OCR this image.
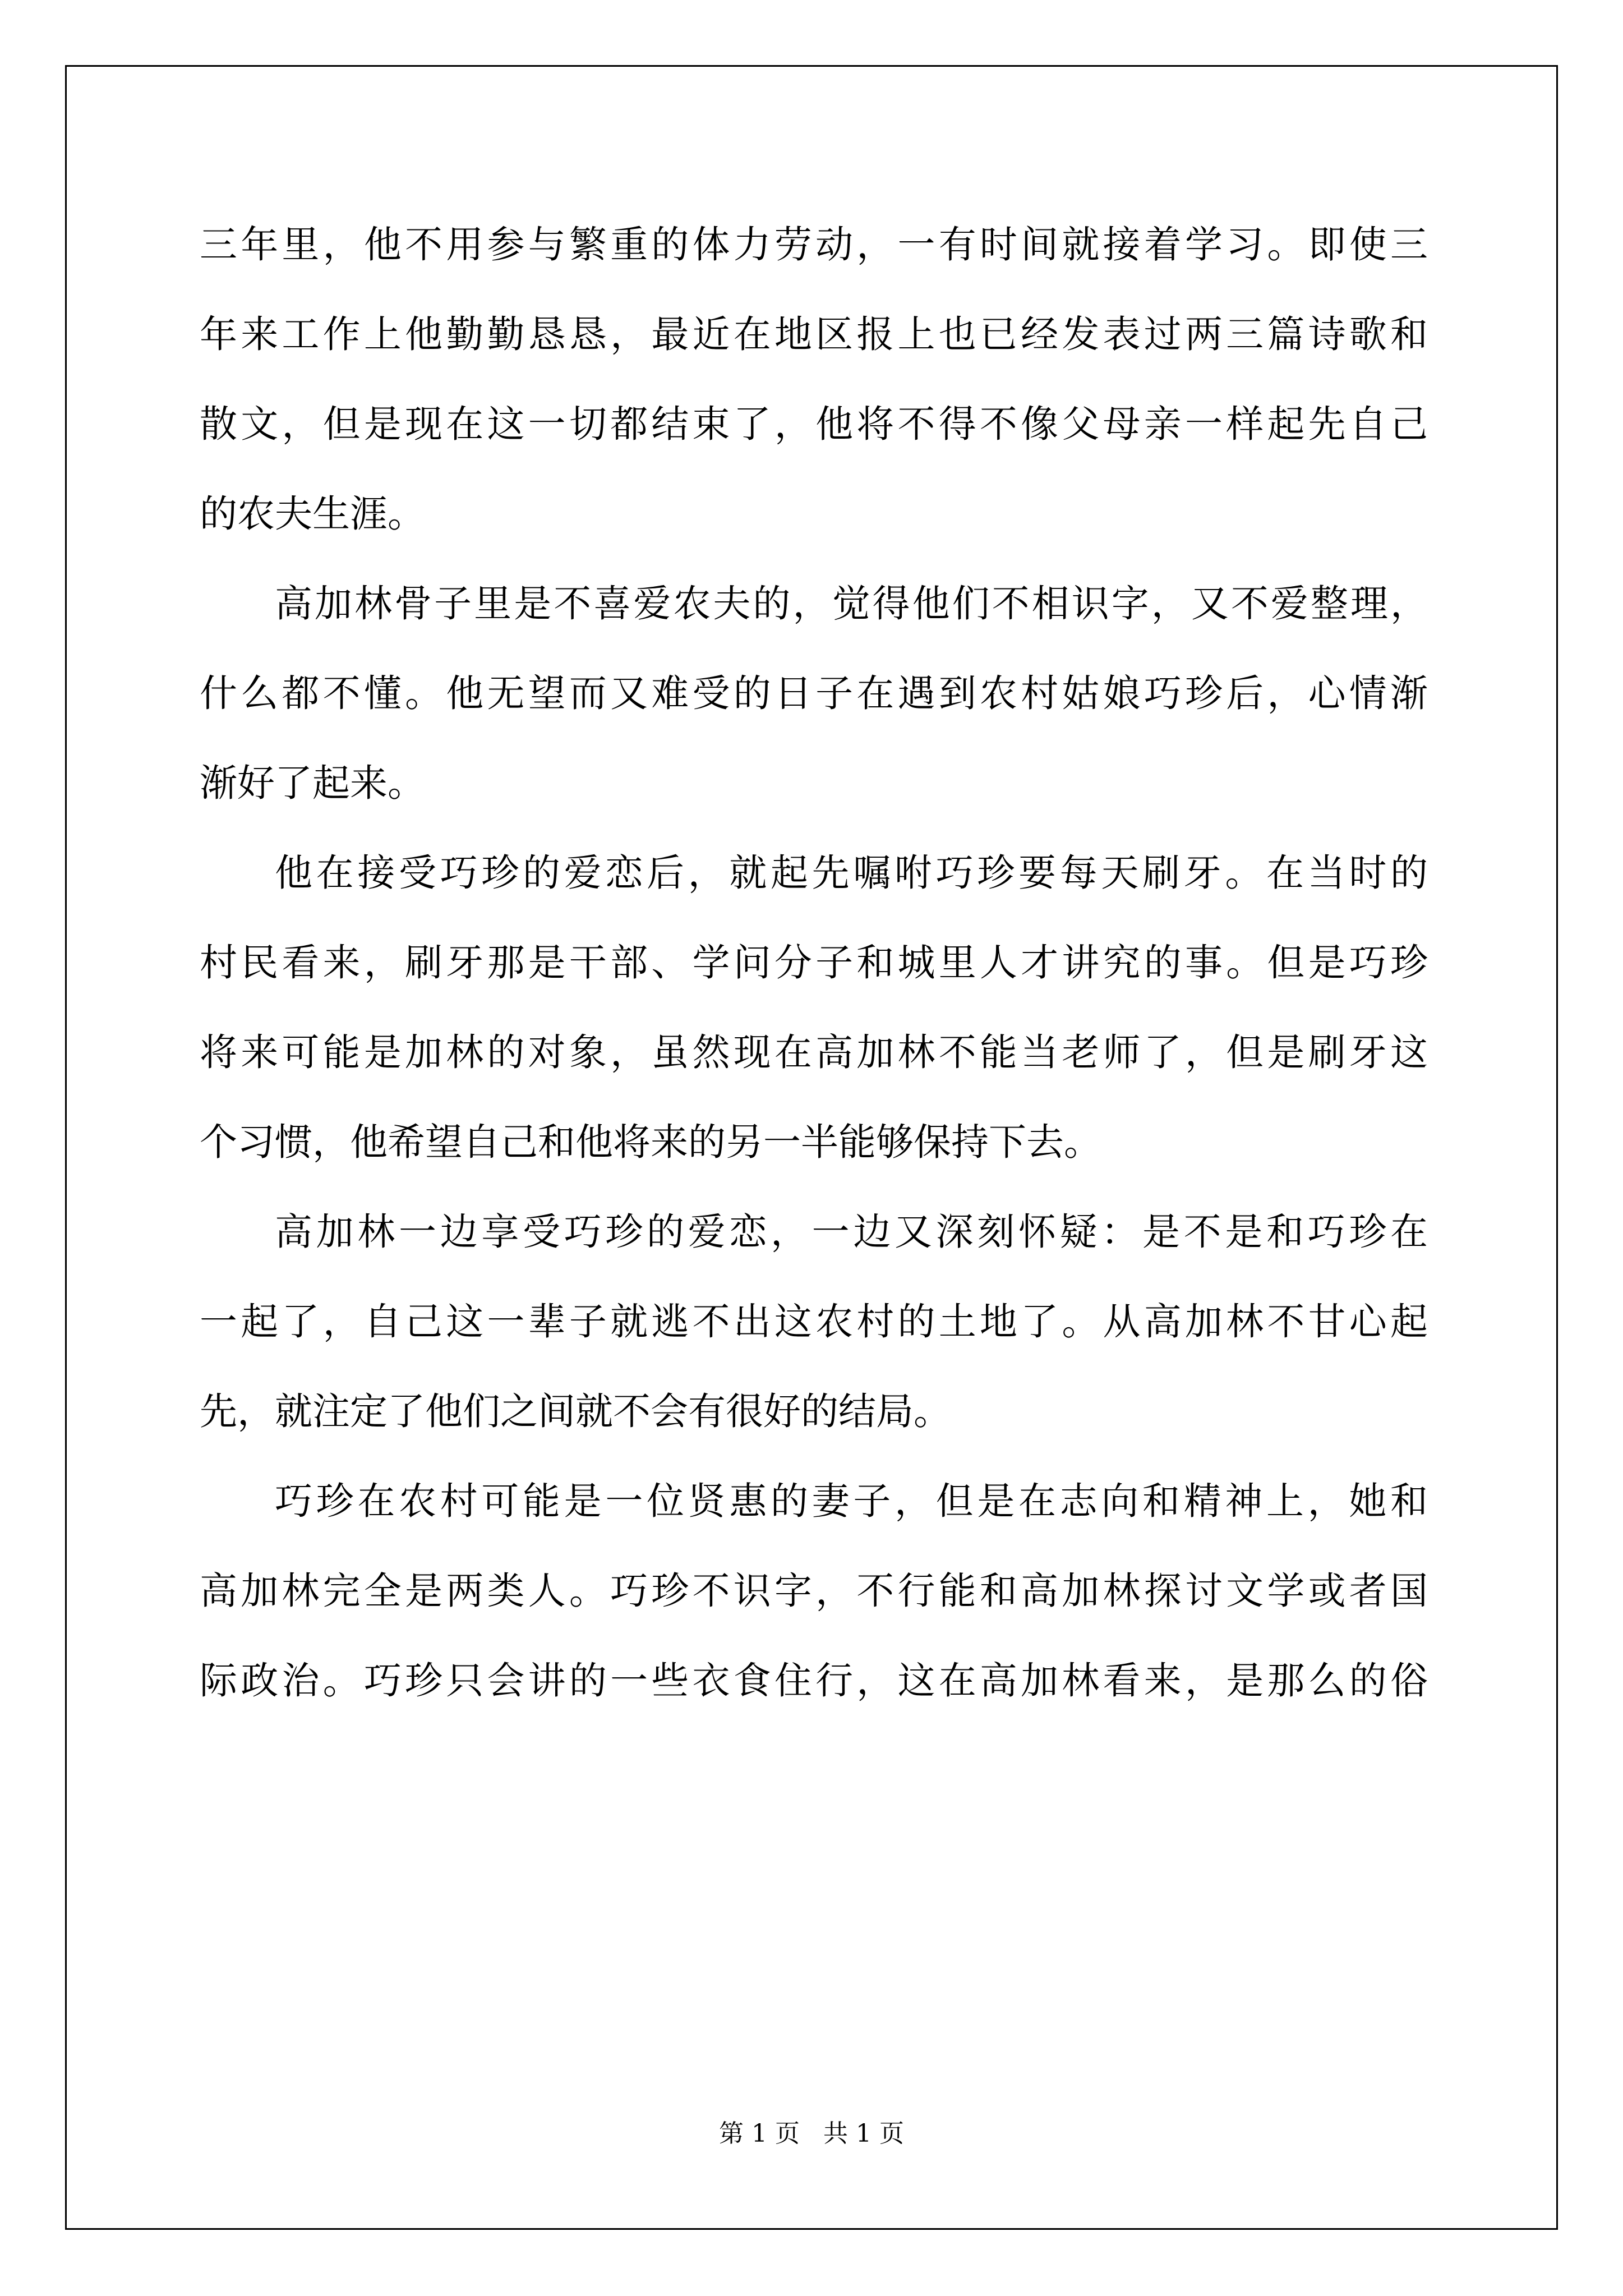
三年里，他不用参与繁重的体力劳动，一有时间就接着学习。即使三
年来工作上他勤勤恳恳，最近在地区报上也已经发表过两三篇诗歌和
散文，但是现在这一切都结束了，他将不得不像父母亲一样起先自己
的农夫生涯。
高加林骨子里是不喜爱农夫的，觉得他们不相识字，又不爱整理，
什么都不懂。他无望而又难受的日子在遇到农村姑娘巧珍后，心情渐
渐好了起来。
他在接受巧珍的爱恋后，就起先嘱咐巧珍要每天刷牙。在当时的
村民看来，刷牙那是干部、学问分子和城里人才讲究的事。但是巧珍
将来可能是加林的对象，虽然现在高加林不能当老师了，但是刷牙这
个习惯，他希望自己和他将来的另一半能够保持下去。
高加林一边享受巧珍的爱恋，一边又深刻怀疑：是不是和巧珍在
一起了，自己这一辈子就逃不出这农村的土地了。从高加林不甘心起
先，就注定了他们之间就不会有很好的结局。
巧珍在农村可能是一位贤惠的妻子，但是在志向和精神上，她和
高加林完全是两类人。巧珍不识字，不行能和高加林探讨文学或者国
际政治。巧珍只会讲的一些衣食住行，这在高加林看来，是那么的俗
第 1 页 共 1 页
